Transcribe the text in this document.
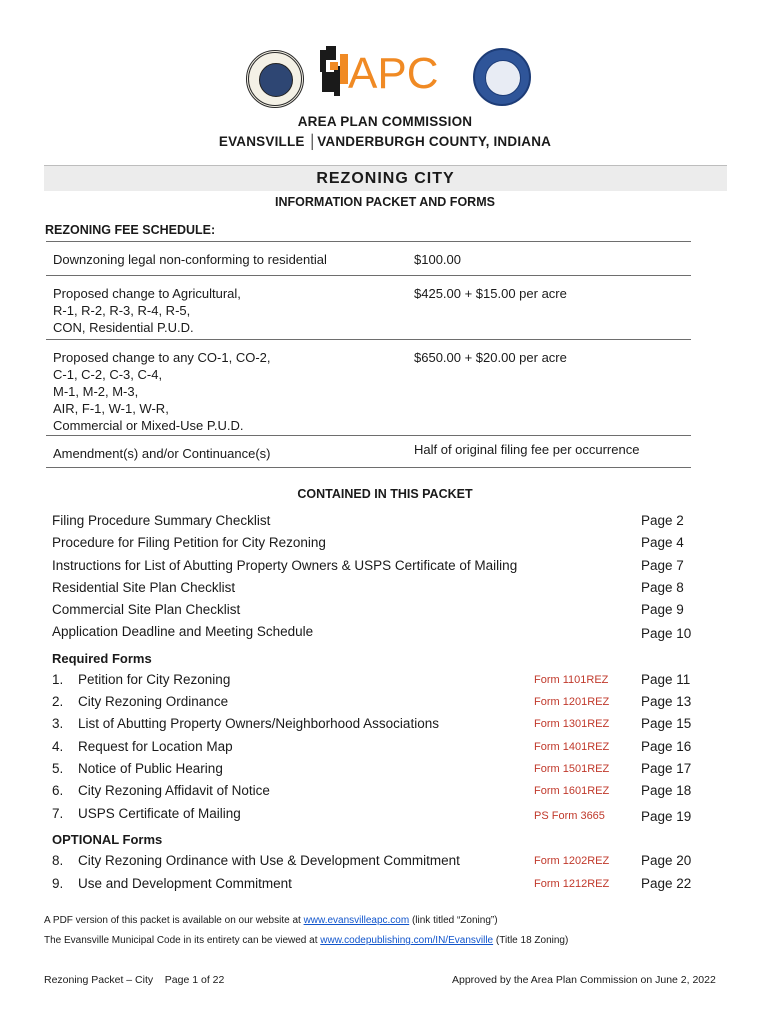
APC
AREA PLAN COMMISSION
EVANSVILLE │VANDERBURGH COUNTY, INDIANA
REZONING CITY
INFORMATION PACKET AND FORMS
REZONING FEE SCHEDULE:
Downzoning legal non-conforming to residential	$100.00
Proposed change to Agricultural,
R-1, R-2, R-3, R-4, R-5,
CON, Residential P.U.D.	$425.00 + $15.00 per acre
Proposed change to any CO-1, CO-2,
C-1, C-2, C-3, C-4,
M-1, M-2, M-3,
AIR, F-1, W-1, W-R,
Commercial or Mixed-Use P.U.D.	$650.00 + $20.00 per acre
Amendment(s) and/or Continuance(s)	Half of original filing fee per occurrence
CONTAINED IN THIS PACKET
Filing Procedure Summary Checklist	Page 2
Procedure for Filing Petition for City Rezoning	Page 4
Instructions for List of Abutting Property Owners & USPS Certificate of Mailing	Page 7
Residential Site Plan Checklist	Page 8
Commercial Site Plan Checklist	Page 9
Application Deadline and Meeting Schedule	Page 10
Required Forms
1. Petition for City Rezoning	Form 1101REZ Page 11
2. City Rezoning Ordinance	Form 1201REZ Page 13
3. List of Abutting Property Owners/Neighborhood Associations	Form 1301REZ Page 15
4. Request for Location Map	Form 1401REZ Page 16
5. Notice of Public Hearing	Form 1501REZ Page 17
6. City Rezoning Affidavit of Notice	Form 1601REZ Page 18
7. USPS Certificate of Mailing	PS Form 3665	Page 19
OPTIONAL Forms
8. City Rezoning Ordinance with Use & Development Commitment	Form 1202REZ Page 20
9. Use and Development Commitment	Form 1212REZ Page 22
A PDF version of this packet is available on our website at www.evansvilleapc.com (link titled “Zoning”)
The Evansville Municipal Code in its entirety can be viewed at www.codepublishing.com/IN/Evansville (Title 18 Zoning)
Rezoning Packet – City    Page 1 of 22	Approved by the Area Plan Commission on June 2, 2022
